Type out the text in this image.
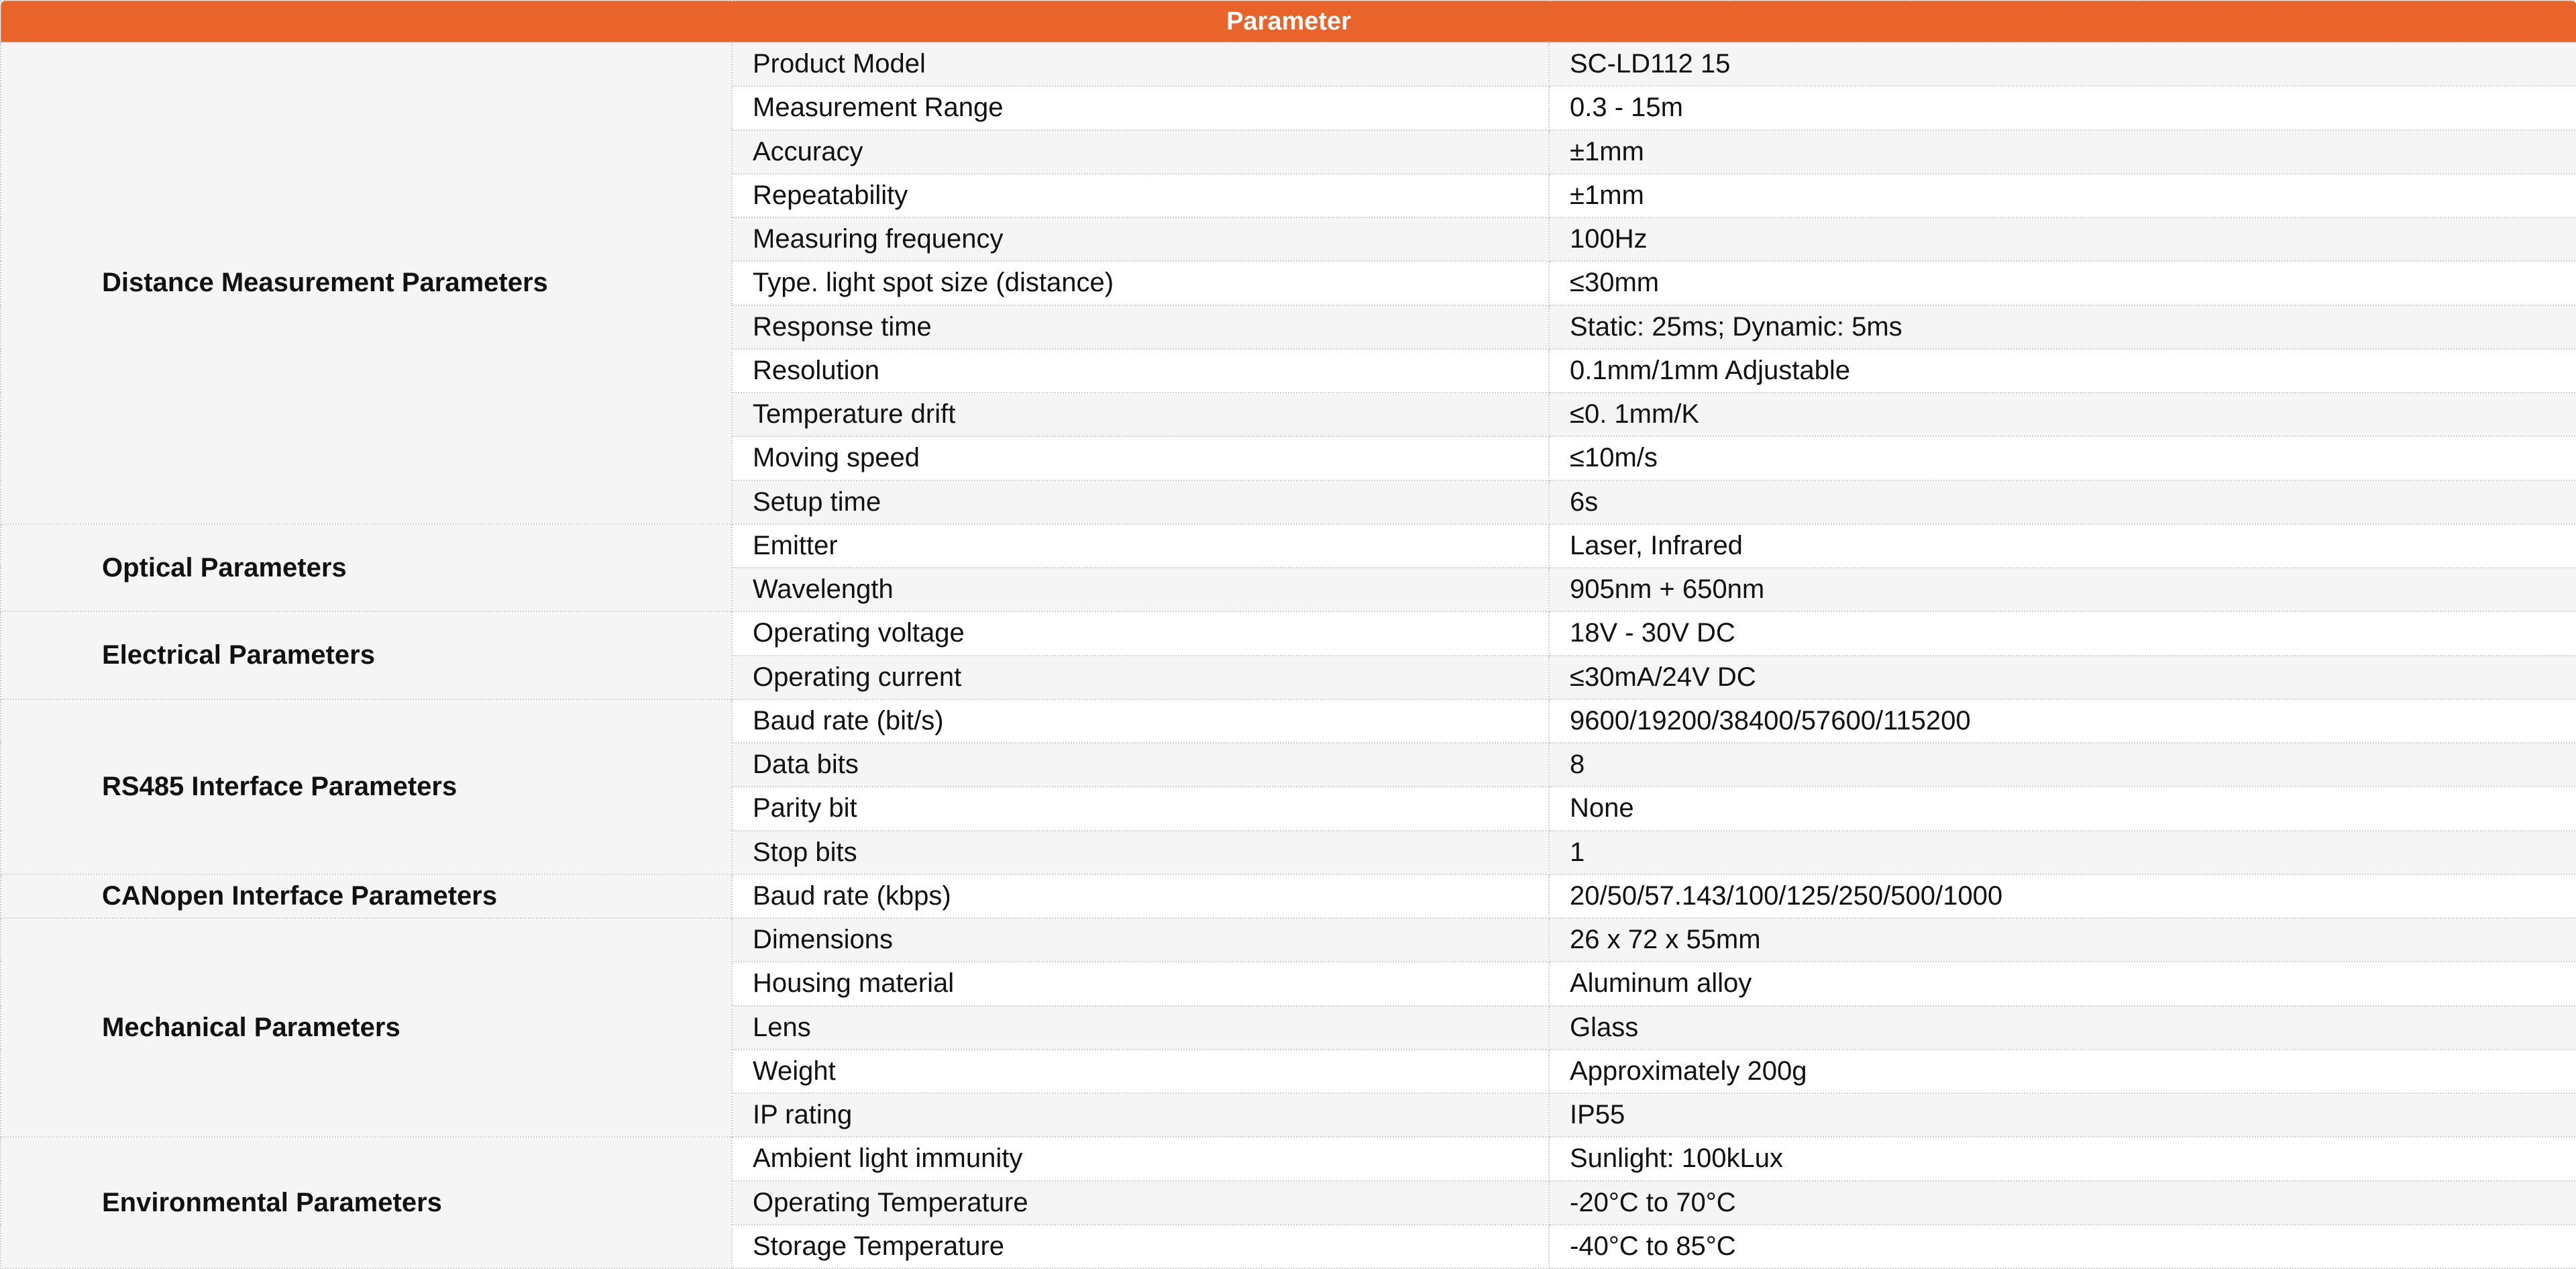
Parameter		
Distance Measurement Parameters	Product Model	SC-LD112 15
	Measurement Range	0.3 - 15m
	Accuracy	±1mm
	Repeatability	±1mm
	Measuring frequency	100Hz
	Type. light spot size (distance)	≤30mm
	Response time	Static: 25ms; Dynamic: 5ms
	Resolution	0.1mm/1mm Adjustable
	Temperature drift	≤0. 1mm/K
	Moving speed	≤10m/s
	Setup time	6s
Optical Parameters	Emitter	Laser, Infrared
	Wavelength	905nm + 650nm
Electrical Parameters	Operating voltage	18V - 30V DC
	Operating current	≤30mA/24V DC
RS485 Interface Parameters	Baud rate (bit/s)	9600/19200/38400/57600/115200
	Data bits	8
	Parity bit	None
	Stop bits	1
CANopen Interface Parameters	Baud rate (kbps)	20/50/57.143/100/125/250/500/1000
Mechanical Parameters	Dimensions	26 x 72 x 55mm
	Housing material	Aluminum alloy
	Lens	Glass
	Weight	Approximately 200g
	IP rating	IP55
Environmental Parameters	Ambient light immunity	Sunlight: 100kLux
	Operating Temperature	-20°C to 70°C
	Storage Temperature	-40°C to 85°C
